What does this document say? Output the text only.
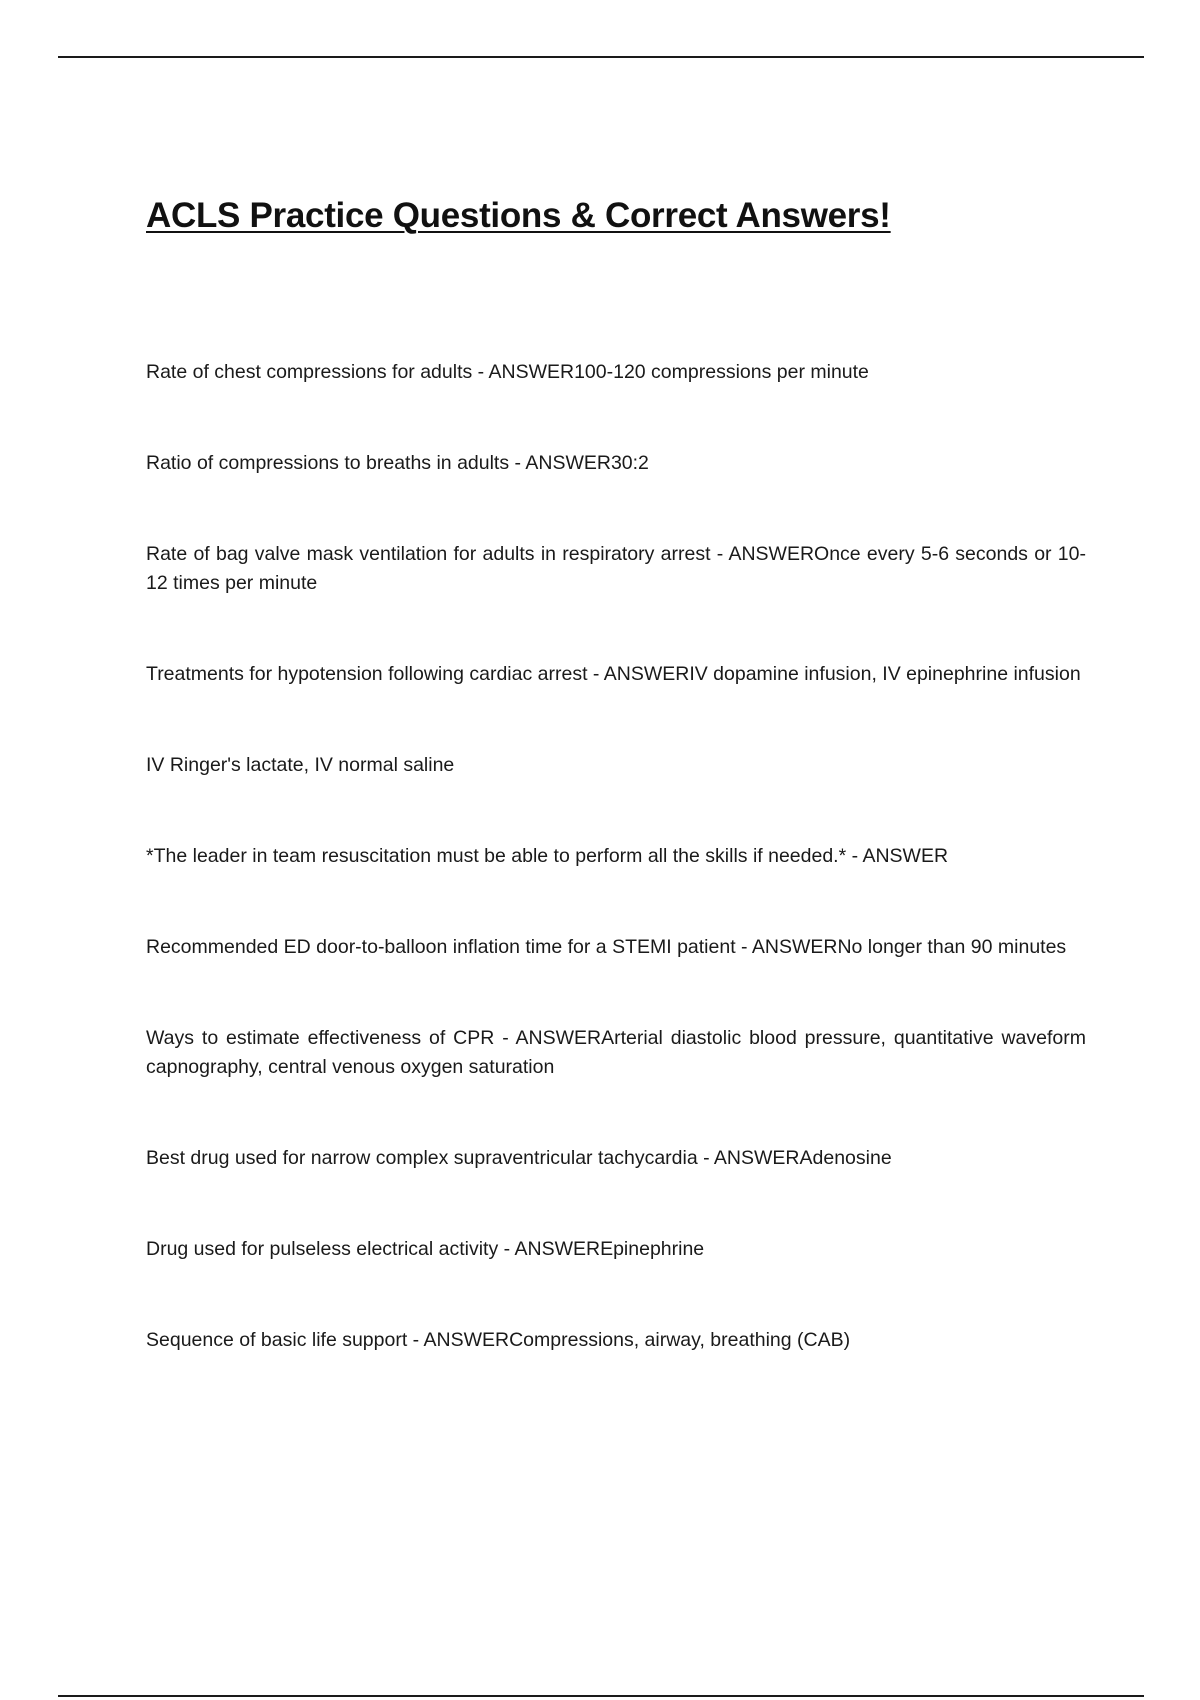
ACLS Practice Questions & Correct Answers!
Rate of chest compressions for adults - ANSWER100-120 compressions per minute
Ratio of compressions to breaths in adults - ANSWER30:2
Rate of bag valve mask ventilation for adults in respiratory arrest - ANSWEROnce every 5-6 seconds or 10-12 times per minute
Treatments for hypotension following cardiac arrest - ANSWERIV dopamine infusion, IV epinephrine infusion
IV Ringer's lactate, IV normal saline
*The leader in team resuscitation must be able to perform all the skills if needed.* - ANSWER
Recommended ED door-to-balloon inflation time for a STEMI patient - ANSWERNo longer than 90 minutes
Ways to estimate effectiveness of CPR - ANSWERArterial diastolic blood pressure, quantitative waveform capnography, central venous oxygen saturation
Best drug used for narrow complex supraventricular tachycardia - ANSWERAdenosine
Drug used for pulseless electrical activity - ANSWEREpinephrine
Sequence of basic life support - ANSWERCompressions, airway, breathing (CAB)
